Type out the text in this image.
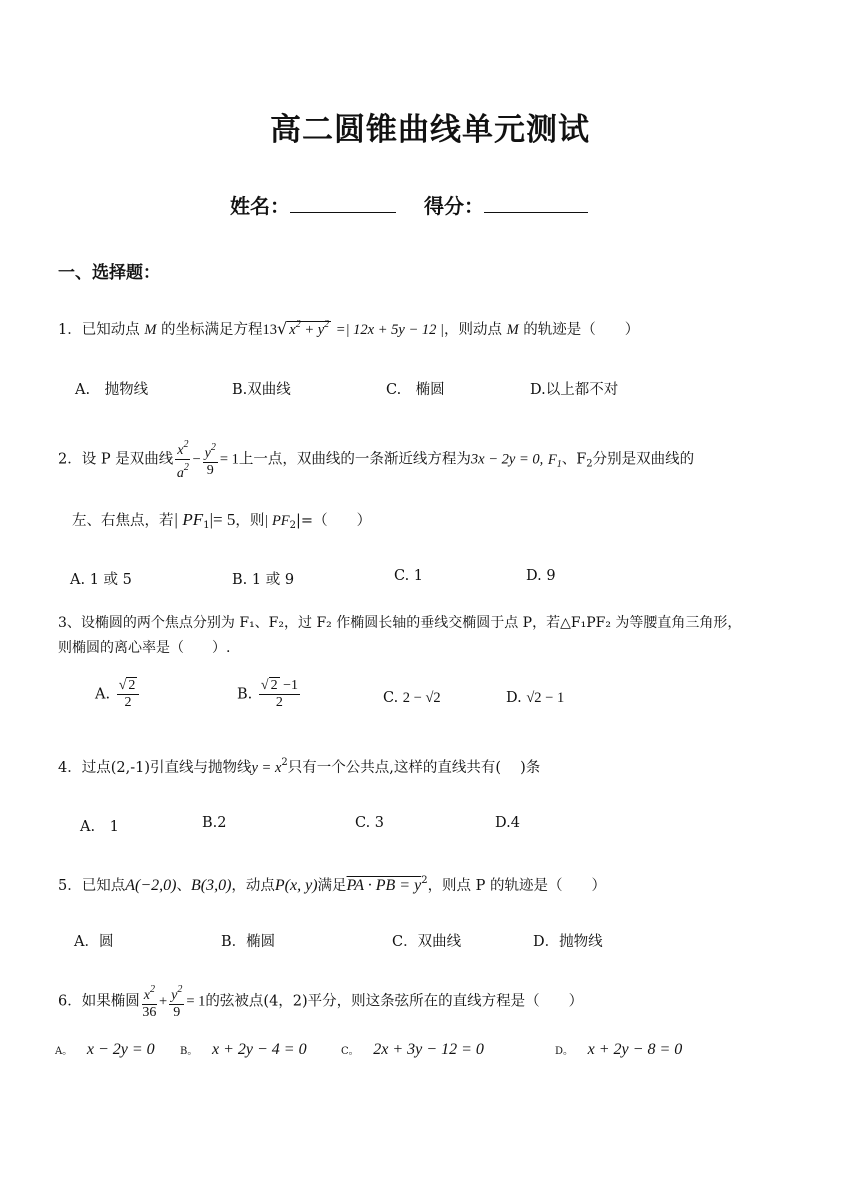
高二圆锥曲线单元测试
姓名：	得分：
一、选择题：
1．已知动点 M 的坐标满足方程13√ $x^2 + y^2$ =| 12x + 5y − 12 |，则动点 M 的轨迹是（　　）
A.　抛物线	B.双曲线	C.　椭圆	D.以上都不对
2．设 P 是双曲线 $\frac{x^2}{a^2} - \frac{y^2}{9} = 1$上一点，双曲线的一条渐近线方程为3x − 2y = 0, $F_1$、$F_2$分别是双曲线的
左、右焦点，若| $PF_1|= 5$，则| $PF_2|=$（　　）
A. 1 或 5	B. 1 或 9	C. 1	D. 9
3、设椭圆的两个焦点分别为 F₁、F₂，过 F₂ 作椭圆长轴的垂线交椭圆于点 P，若△F₁PF₂ 为等腰直角三角形，
则椭圆的离心率是（　　）.
A. $\frac{√ 2}{2}$	B. $\frac{√ 2 -1}{2}$	C. 2 − √2	D. √2 − 1
4．过点(2,-1)引直线与抛物线$y = x^2$只有一个公共点,这样的直线共有(　 )条
A.　1	B.2	C. 3	D.4
5．已知点A(−2,0)、B(3,0)，动点P(x, y)满足PA · PB = $y^2$，则点 P 的轨迹是（　　）
A．圆	B．椭圆	C．双曲线	D．抛物线
6．如果椭圆 $\frac{x^2}{36} + \frac{y^2}{9} = 1$的弦被点(4，2)平分，则这条弦所在的直线方程是（　　）
A。 x − 2y = 0	B。 x + 2y − 4 = 0	C。 2x + 3y − 12 = 0	D。 x + 2y − 8 = 0
